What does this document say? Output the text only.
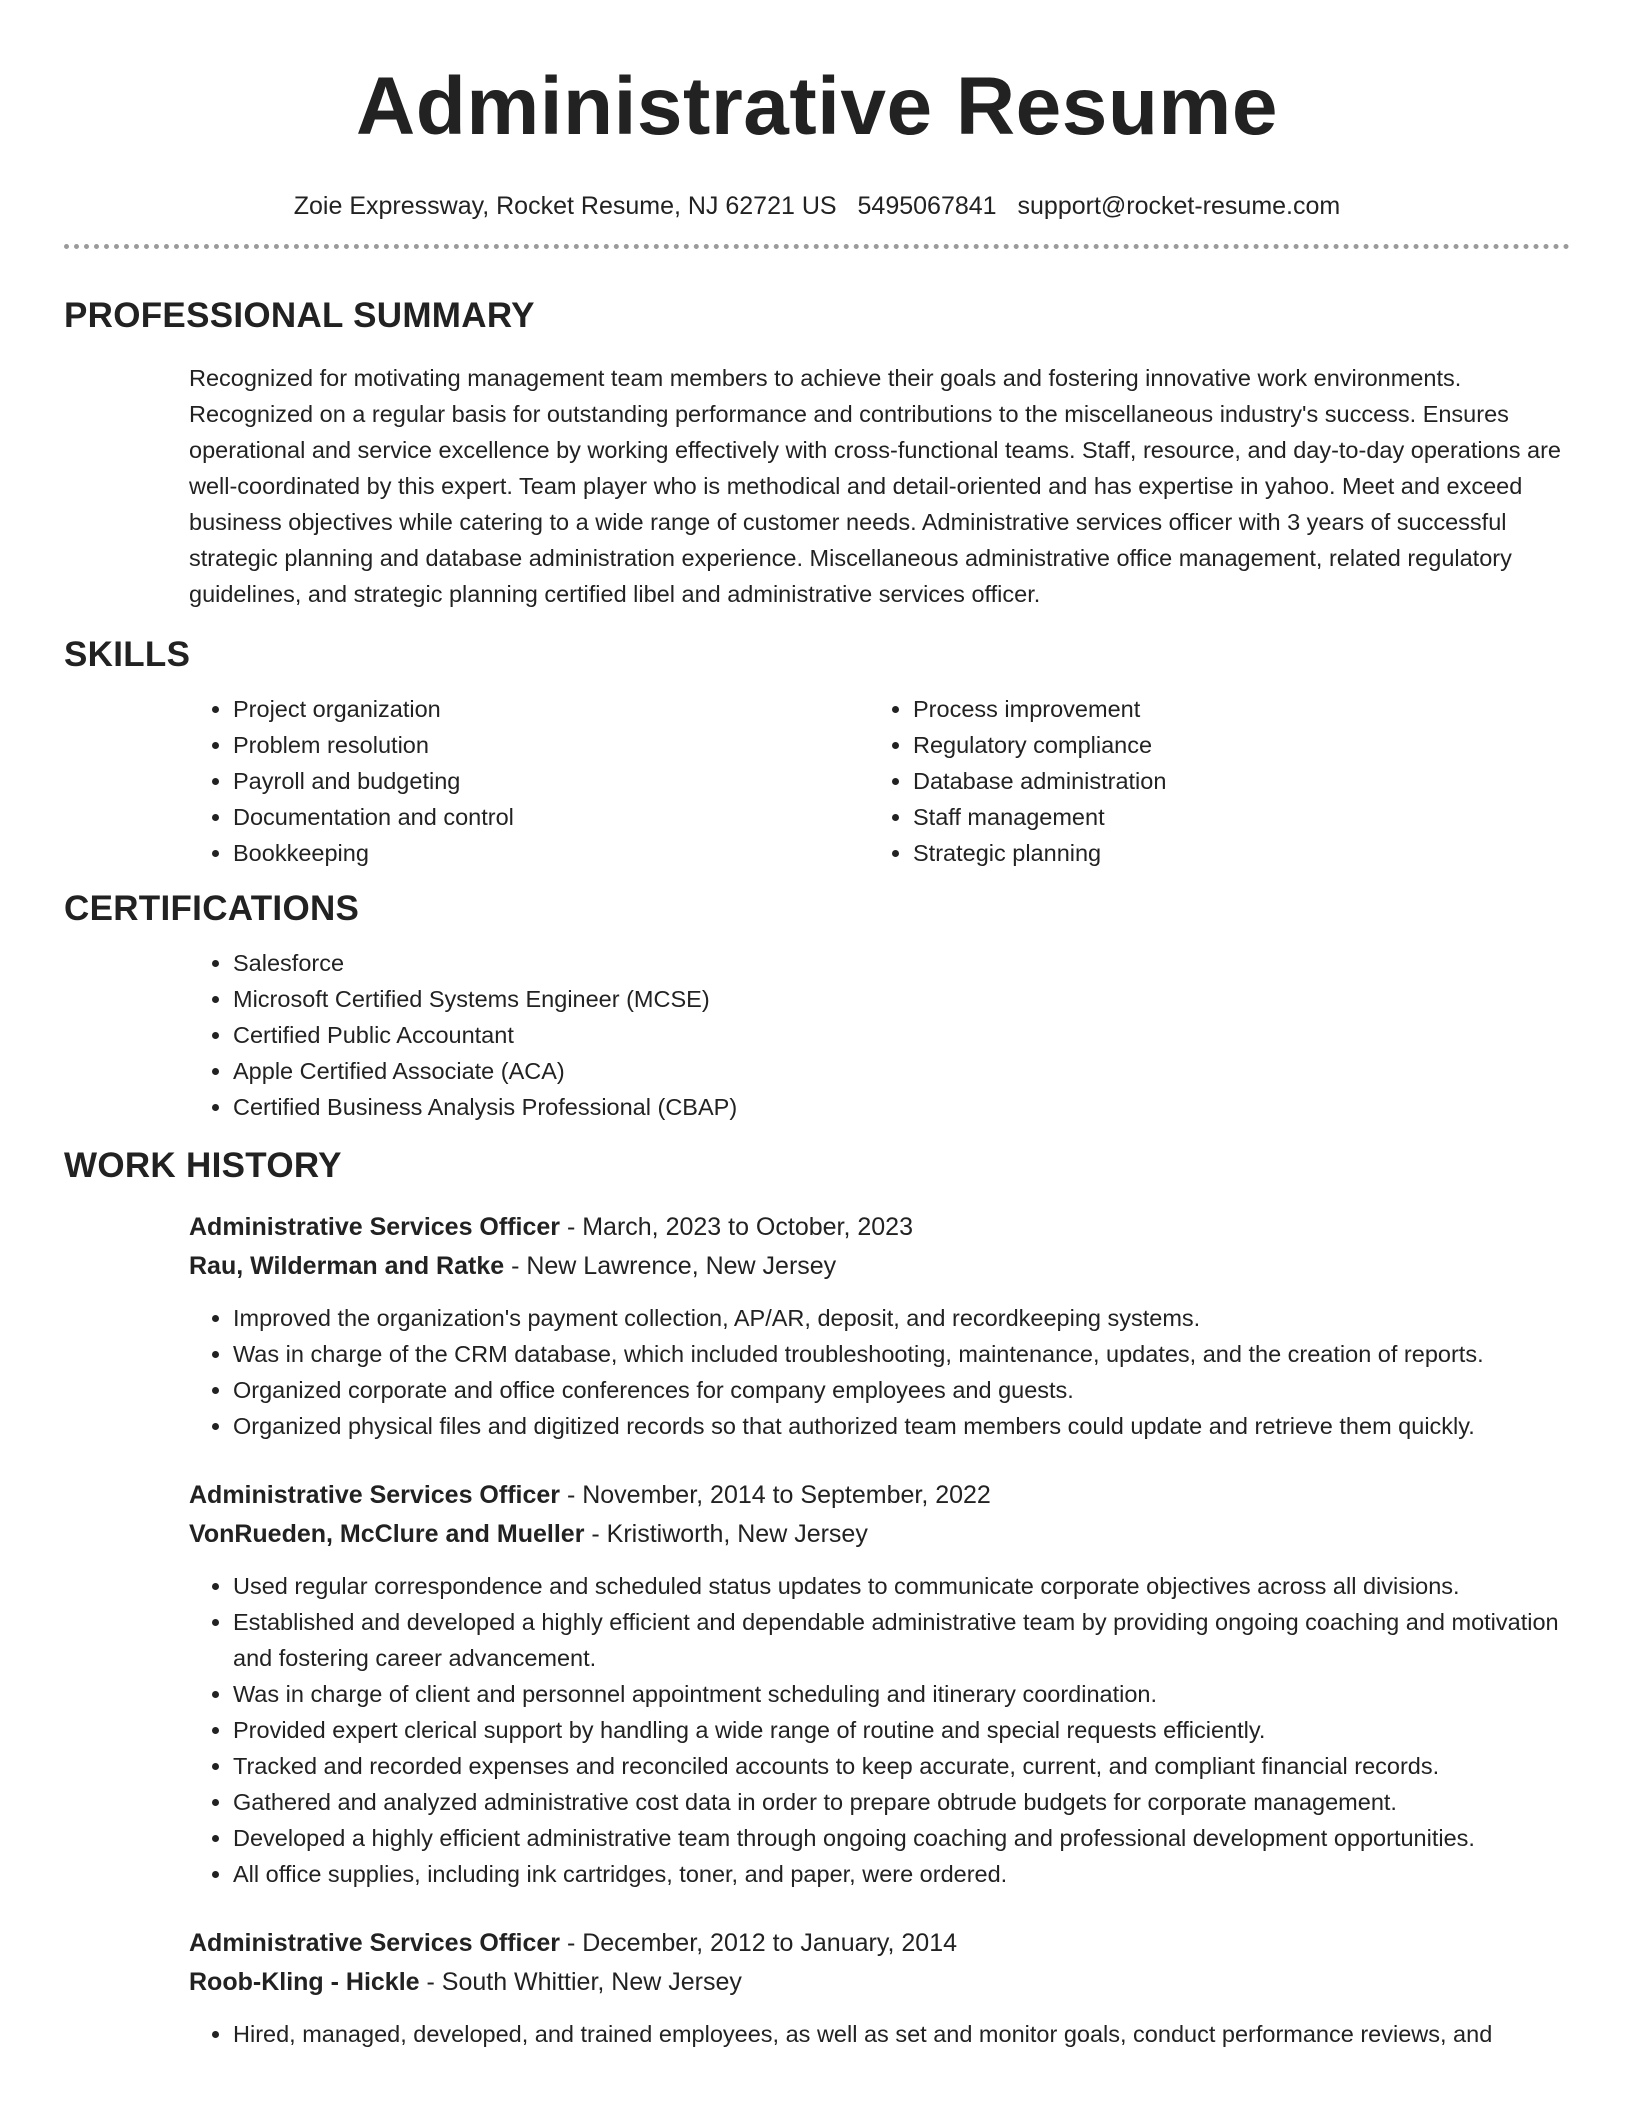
Administrative Resume
Zoie Expressway, Rocket Resume, NJ 62721 US 5495067841 support@rocket-resume.com
PROFESSIONAL SUMMARY

Recognized for motivating management team members to achieve their goals and fostering innovative work environments. Recognized on a regular basis for outstanding performance and contributions to the miscellaneous industry's success. Ensures operational and service excellence by working effectively with cross-functional teams. Staff, resource, and day-to-day operations are well-coordinated by this expert. Team player who is methodical and detail-oriented and has expertise in yahoo. Meet and exceed business objectives while catering to a wide range of customer needs. Administrative services officer with 3 years of successful strategic planning and database administration experience. Miscellaneous administrative office management, related regulatory guidelines, and strategic planning certified libel and administrative services officer.

SKILLS
• Project organization
• Problem resolution
• Payroll and budgeting
• Documentation and control
• Bookkeeping
• Process improvement
• Regulatory compliance
• Database administration
• Staff management
• Strategic planning
CERTIFICATIONS
• Salesforce
• Microsoft Certified Systems Engineer (MCSE)
• Certified Public Accountant
• Apple Certified Associate (ACA)
• Certified Business Analysis Professional (CBAP)
WORK HISTORY
Administrative Services Officer - March, 2023 to October, 2023
Rau, Wilderman and Ratke - New Lawrence, New Jersey
• Improved the organization's payment collection, AP/AR, deposit, and recordkeeping systems.
• Was in charge of the CRM database, which included troubleshooting, maintenance, updates, and the creation of reports.
• Organized corporate and office conferences for company employees and guests.
• Organized physical files and digitized records so that authorized team members could update and retrieve them quickly.
Administrative Services Officer - November, 2014 to September, 2022
VonRueden, McClure and Mueller - Kristiworth, New Jersey
• Used regular correspondence and scheduled status updates to communicate corporate objectives across all divisions.
• Established and developed a highly efficient and dependable administrative team by providing ongoing coaching and motivation and fostering career advancement.
• Was in charge of client and personnel appointment scheduling and itinerary coordination.
• Provided expert clerical support by handling a wide range of routine and special requests efficiently.
• Tracked and recorded expenses and reconciled accounts to keep accurate, current, and compliant financial records.
• Gathered and analyzed administrative cost data in order to prepare obtrude budgets for corporate management.
• Developed a highly efficient administrative team through ongoing coaching and professional development opportunities.
• All office supplies, including ink cartridges, toner, and paper, were ordered.
Administrative Services Officer - December, 2012 to January, 2014
Roob-Kling - Hickle - South Whittier, New Jersey
• Hired, managed, developed, and trained employees, as well as set and monitor goals, conduct performance reviews, and
